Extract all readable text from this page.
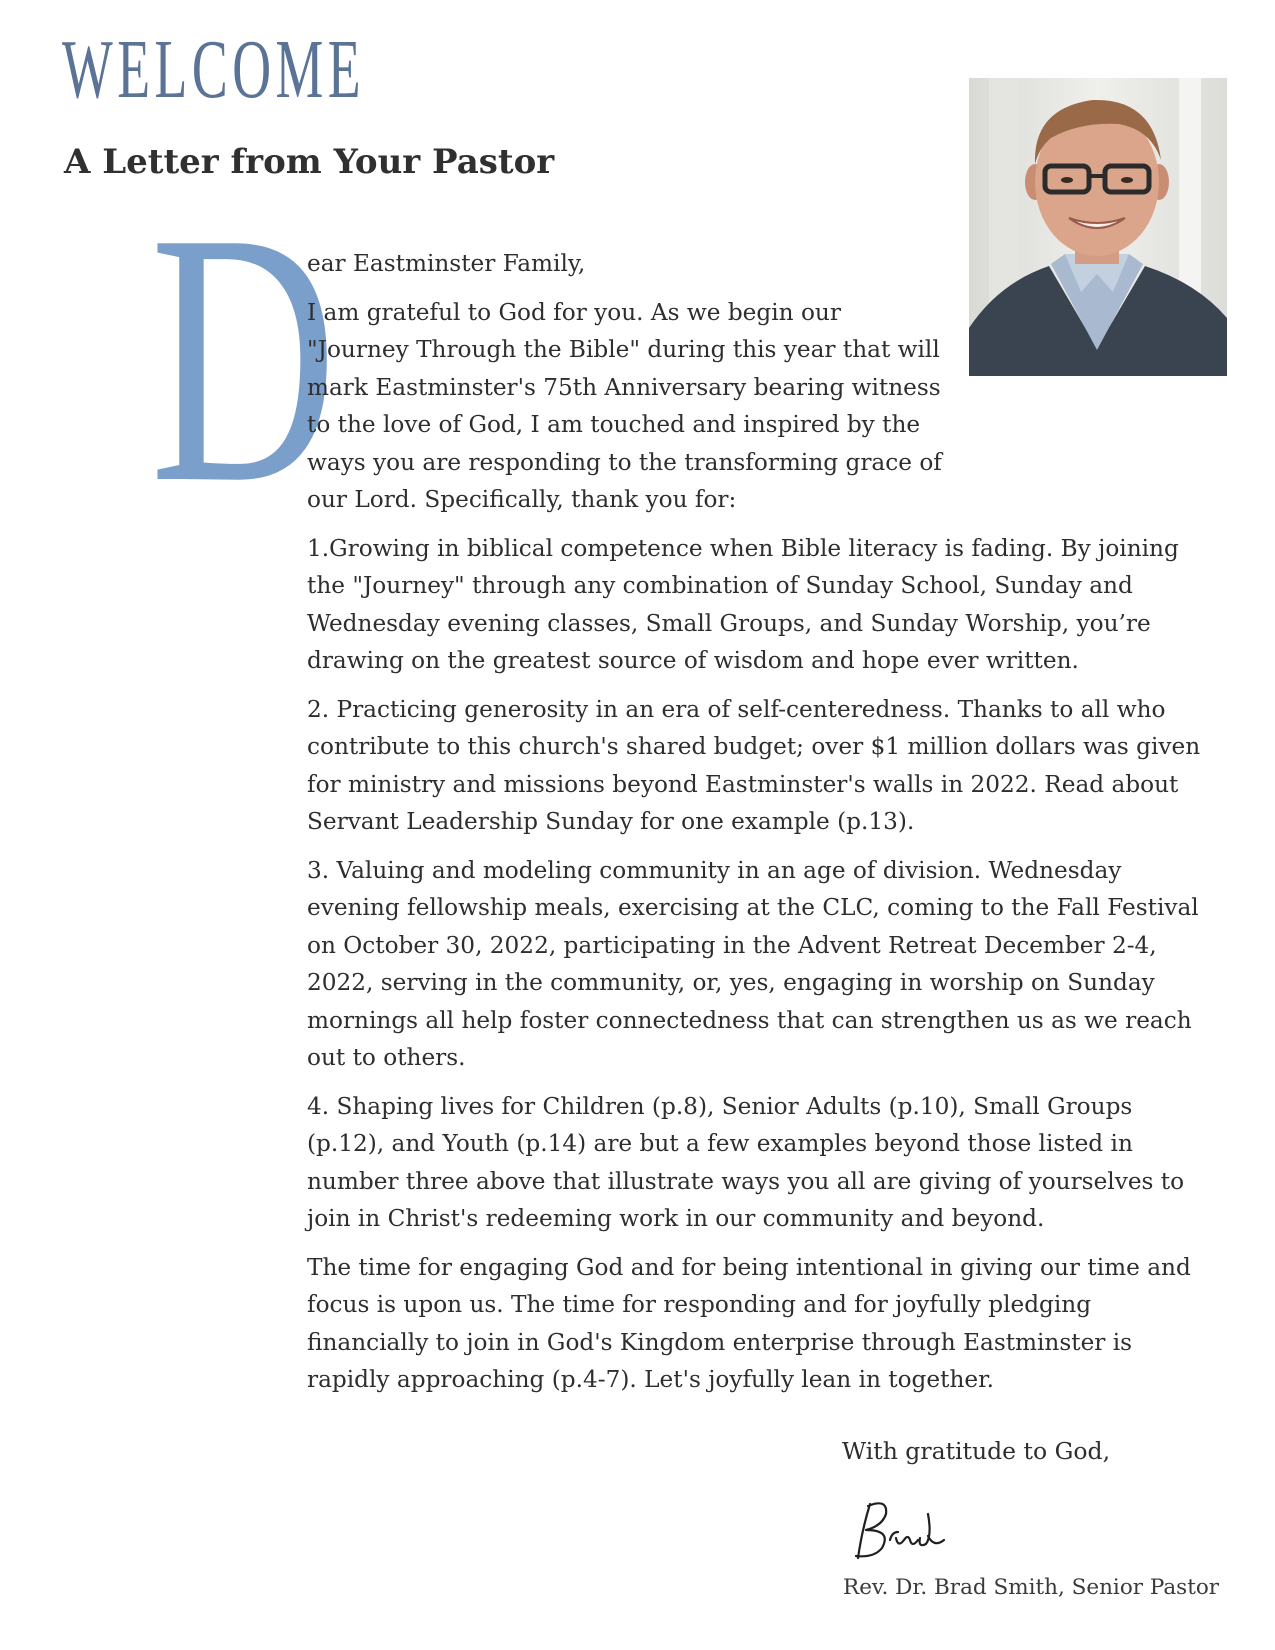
WELCOME
A Letter from Your Pastor
D

ear Eastminster Family,

I am grateful to God for you. As we begin our "Journey Through the Bible" during this year that will mark Eastminster's 75th Anniversary bearing witness to the love of God, I am touched and inspired by the ways you are responding to the transforming grace of our Lord. Specifically, thank you for:

1.Growing in biblical competence when Bible literacy is fading. By joining the "Journey" through any combination of Sunday School, Sunday and Wednesday evening classes, Small Groups, and Sunday Worship, you’re drawing on the greatest source of wisdom and hope ever written.

2. Practicing generosity in an era of self-centeredness. Thanks to all who contribute to this church's shared budget; over $1 million dollars was given for ministry and missions beyond Eastminster's walls in 2022. Read about Servant Leadership Sunday for one example (p.13).

3. Valuing and modeling community in an age of division. Wednesday evening fellowship meals, exercising at the CLC, coming to the Fall Festival on October 30, 2022, participating in the Advent Retreat December 2-4, 2022, serving in the community, or, yes, engaging in worship on Sunday mornings all help foster connectedness that can strengthen us as we reach out to others.

4. Shaping lives for Children (p.8), Senior Adults (p.10), Small Groups (p.12), and Youth (p.14) are but a few examples beyond those listed in number three above that illustrate ways you all are giving of yourselves to join in Christ's redeeming work in our community and beyond.

The time for engaging God and for being intentional in giving our time and focus is upon us. The time for responding and for joyfully pledging financially to join in God's Kingdom enterprise through Eastminster is rapidly approaching (p.4-7). Let's joyfully lean in together.

With gratitude to God,

Rev. Dr. Brad Smith, Senior Pastor
